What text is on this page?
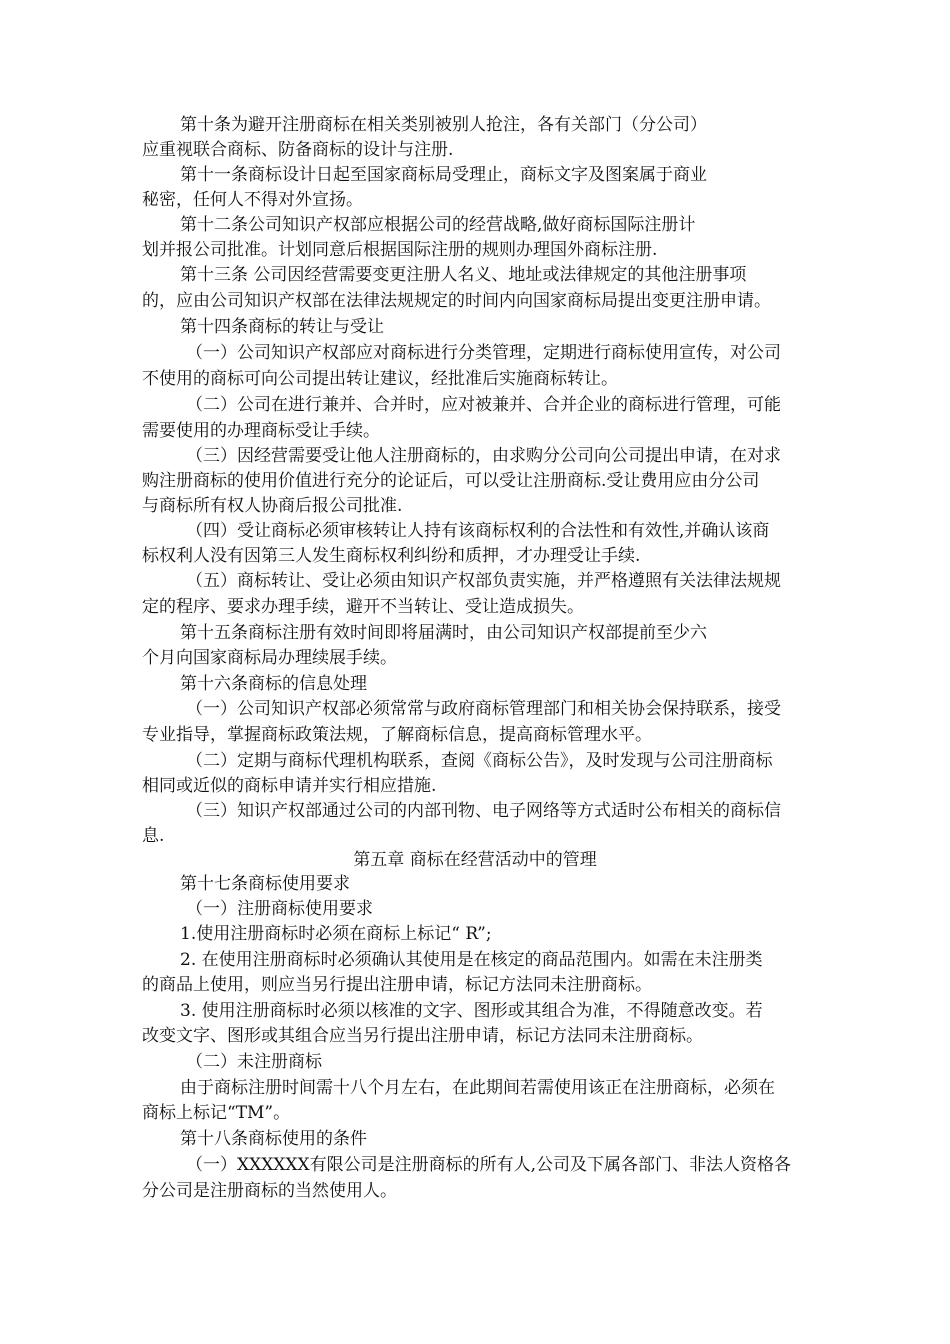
第十条为避开注册商标在相关类别被别人抢注，各有关部门（分公司）
应重视联合商标、防备商标的设计与注册.
第十一条商标设计日起至国家商标局受理止，商标文字及图案属于商业
秘密，任何人不得对外宣扬。
第十二条公司知识产权部应根据公司的经营战略,做好商标国际注册计
划并报公司批准。计划同意后根据国际注册的规则办理国外商标注册.
第十三条 公司因经营需要变更注册人名义、地址或法律规定的其他注册事项
的，应由公司知识产权部在法律法规规定的时间内向国家商标局提出变更注册申请。
第十四条商标的转让与受让
（一）公司知识产权部应对商标进行分类管理，定期进行商标使用宣传，对公司
不使用的商标可向公司提出转让建议，经批准后实施商标转让。
（二）公司在进行兼并、合并时，应对被兼并、合并企业的商标进行管理，可能
需要使用的办理商标受让手续。
（三）因经营需要受让他人注册商标的，由求购分公司向公司提出申请，在对求
购注册商标的使用价值进行充分的论证后，可以受让注册商标.受让费用应由分公司
与商标所有权人协商后报公司批准.
（四）受让商标必须审核转让人持有该商标权利的合法性和有效性,并确认该商
标权利人没有因第三人发生商标权利纠纷和质押，才办理受让手续.
（五）商标转让、受让必须由知识产权部负责实施，并严格遵照有关法律法规规
定的程序、要求办理手续，避开不当转让、受让造成损失。
第十五条商标注册有效时间即将届满时，由公司知识产权部提前至少六
个月向国家商标局办理续展手续。
第十六条商标的信息处理
（一）公司知识产权部必须常常与政府商标管理部门和相关协会保持联系，接受
专业指导，掌握商标政策法规，了解商标信息，提高商标管理水平。
（二）定期与商标代理机构联系，查阅《商标公告》，及时发现与公司注册商标
相同或近似的商标申请并实行相应措施.
（三）知识产权部通过公司的内部刊物、电子网络等方式适时公布相关的商标信
息.
第五章 商标在经营活动中的管理
第十七条商标使用要求
（一）注册商标使用要求
1.使用注册商标时必须在商标上标记“ R”;
2. 在使用注册商标时必须确认其使用是在核定的商品范围内。如需在未注册类
的商品上使用，则应当另行提出注册申请，标记方法同未注册商标。
3. 使用注册商标时必须以核准的文字、图形或其组合为准，不得随意改变。若
改变文字、图形或其组合应当另行提出注册申请，标记方法同未注册商标。
（二）未注册商标
由于商标注册时间需十八个月左右，在此期间若需使用该正在注册商标，必须在
商标上标记“TM”。
第十八条商标使用的条件
（一）XXXXXX有限公司是注册商标的所有人,公司及下属各部门、非法人资格各
分公司是注册商标的当然使用人。
